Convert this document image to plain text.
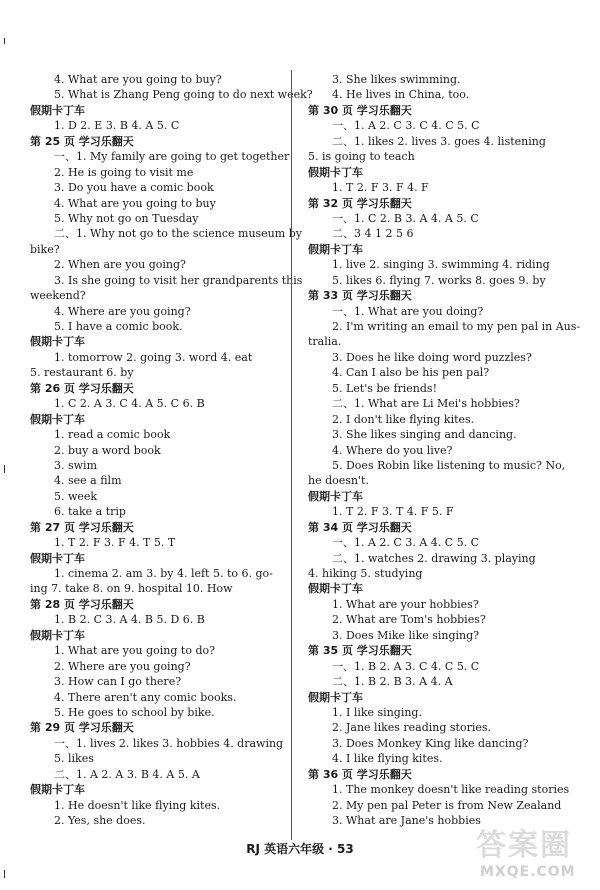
4. What are you going to buy?
5. What is Zhang Peng going to do next week?
假期卡丁车
1. D 2. E 3. B 4. A 5. C
第 25 页 学习乐翻天
一、1. My family are going to get together
2. He is going to visit me
3. Do you have a comic book
4. What are you going to buy
5. Why not go on Tuesday
二、1. Why not go to the science museum by
bike?
2. When are you going?
3. Is she going to visit her grandparents this
weekend?
4. Where are you going?
5. I have a comic book.
假期卡丁车
1. tomorrow 2. going 3. word 4. eat
5. restaurant 6. by
第 26 页 学习乐翻天
1. C 2. A 3. C 4. A 5. C 6. B
假期卡丁车
1. read a comic book
2. buy a word book
3. swim
4. see a film
5. week
6. take a trip
第 27 页 学习乐翻天
1. T 2. F 3. F 4. T 5. T
假期卡丁车
1. cinema 2. am 3. by 4. left 5. to 6. go-
ing 7. take 8. on 9. hospital 10. How
第 28 页 学习乐翻天
1. B 2. C 3. A 4. B 5. D 6. B
假期卡丁车
1. What are you going to do?
2. Where are you going?
3. How can I go there?
4. There aren't any comic books.
5. He goes to school by bike.
第 29 页 学习乐翻天
一、1. lives 2. likes 3. hobbies 4. drawing
5. likes
二、1. A 2. A 3. B 4. A 5. A
假期卡丁车
1. He doesn't like flying kites.
2. Yes, she does.
3. She likes swimming.
4. He lives in China, too.
第 30 页 学习乐翻天
一、1. A 2. C 3. C 4. C 5. C
二、1. likes 2. lives 3. goes 4. listening
5. is going to teach
假期卡丁车
1. T 2. F 3. F 4. F
第 32 页 学习乐翻天
一、1. C 2. B 3. A 4. A 5. C
二、3 4 1 2 5 6
假期卡丁车
1. live 2. singing 3. swimming 4. riding
5. likes 6. flying 7. works 8. goes 9. by
第 33 页 学习乐翻天
一、1. What are you doing?
2. I'm writing an email to my pen pal in Aus-
tralia.
3. Does he like doing word puzzles?
4. Can I also be his pen pal?
5. Let's be friends!
二、1. What are Li Mei's hobbies?
2. I don't like flying kites.
3. She likes singing and dancing.
4. Where do you live?
5. Does Robin like listening to music? No,
he doesn't.
假期卡丁车
1. T 2. F 3. T 4. F 5. F
第 34 页 学习乐翻天
一、1. A 2. C 3. A 4. C 5. C
二、1. watches 2. drawing 3. playing
4. hiking 5. studying
假期卡丁车
1. What are your hobbies?
2. What are Tom's hobbies?
3. Does Mike like singing?
第 35 页 学习乐翻天
一、1. B 2. A 3. C 4. C 5. C
二、1. B 2. B 3. A 4. A
假期卡丁车
1. I like singing.
2. Jane likes reading stories.
3. Does Monkey King like dancing?
4. I like flying kites.
第 36 页 学习乐翻天
1. The monkey doesn't like reading stories
2. My pen pal Peter is from New Zealand
3. What are Jane's hobbies
RJ 英语六年级 · 53	答案圈
MXQE.COM
